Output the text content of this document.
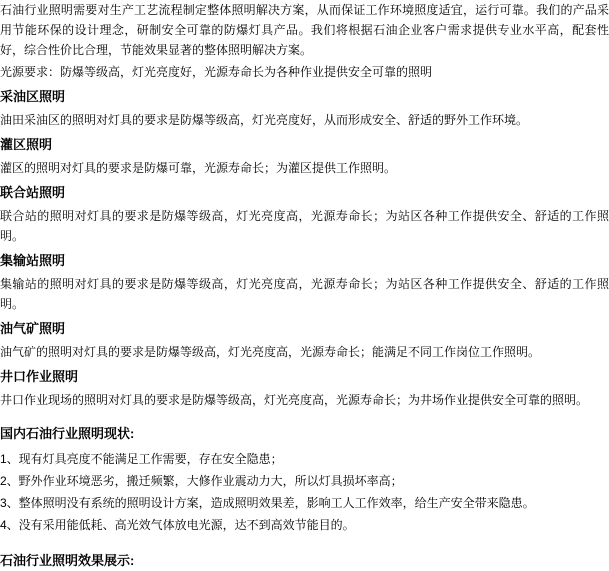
石油行业照明需要对生产工艺流程制定整体照明解决方案，从而保证工作环境照度适宜，运行可靠。我们的产品采用节能环保的设计理念，研制安全可靠的防爆灯具产品。我们将根据石油企业客户需求提供专业水平高，配套性好，综合性价比合理，节能效果显著的整体照明解决方案。

光源要求：防爆等级高，灯光亮度好，光源寿命长为各种作业提供安全可靠的照明

采油区照明

油田采油区的照明对灯具的要求是防爆等级高，灯光亮度好，从而形成安全、舒适的野外工作环境。

灌区照明

灌区的照明对灯具的要求是防爆可靠，光源寿命长；为灌区提供工作照明。

联合站照明

联合站的照明对灯具的要求是防爆等级高，灯光亮度高，光源寿命长；为站区各种工作提供安全、舒适的工作照明。

集输站照明

集输站的照明对灯具的要求是防爆等级高，灯光亮度高，光源寿命长；为站区各种工作提供安全、舒适的工作照明。

油气矿照明

油气矿的照明对灯具的要求是防爆等级高，灯光亮度高，光源寿命长；能满足不同工作岗位工作照明。

井口作业照明

井口作业现场的照明对灯具的要求是防爆等级高，灯光亮度高，光源寿命长；为井场作业提供安全可靠的照明。

国内石油行业照明现状:
1、现有灯具亮度不能满足工作需要，存在安全隐患；
2、野外作业环境恶劣，搬迁频繁，大修作业震动力大，所以灯具损坏率高；
3、整体照明没有系统的照明设计方案，造成照明效果差，影响工人工作效率，给生产安全带来隐患。
4、没有采用能低耗、高光效气体放电光源，达不到高效节能目的。
石油行业照明效果展示:
